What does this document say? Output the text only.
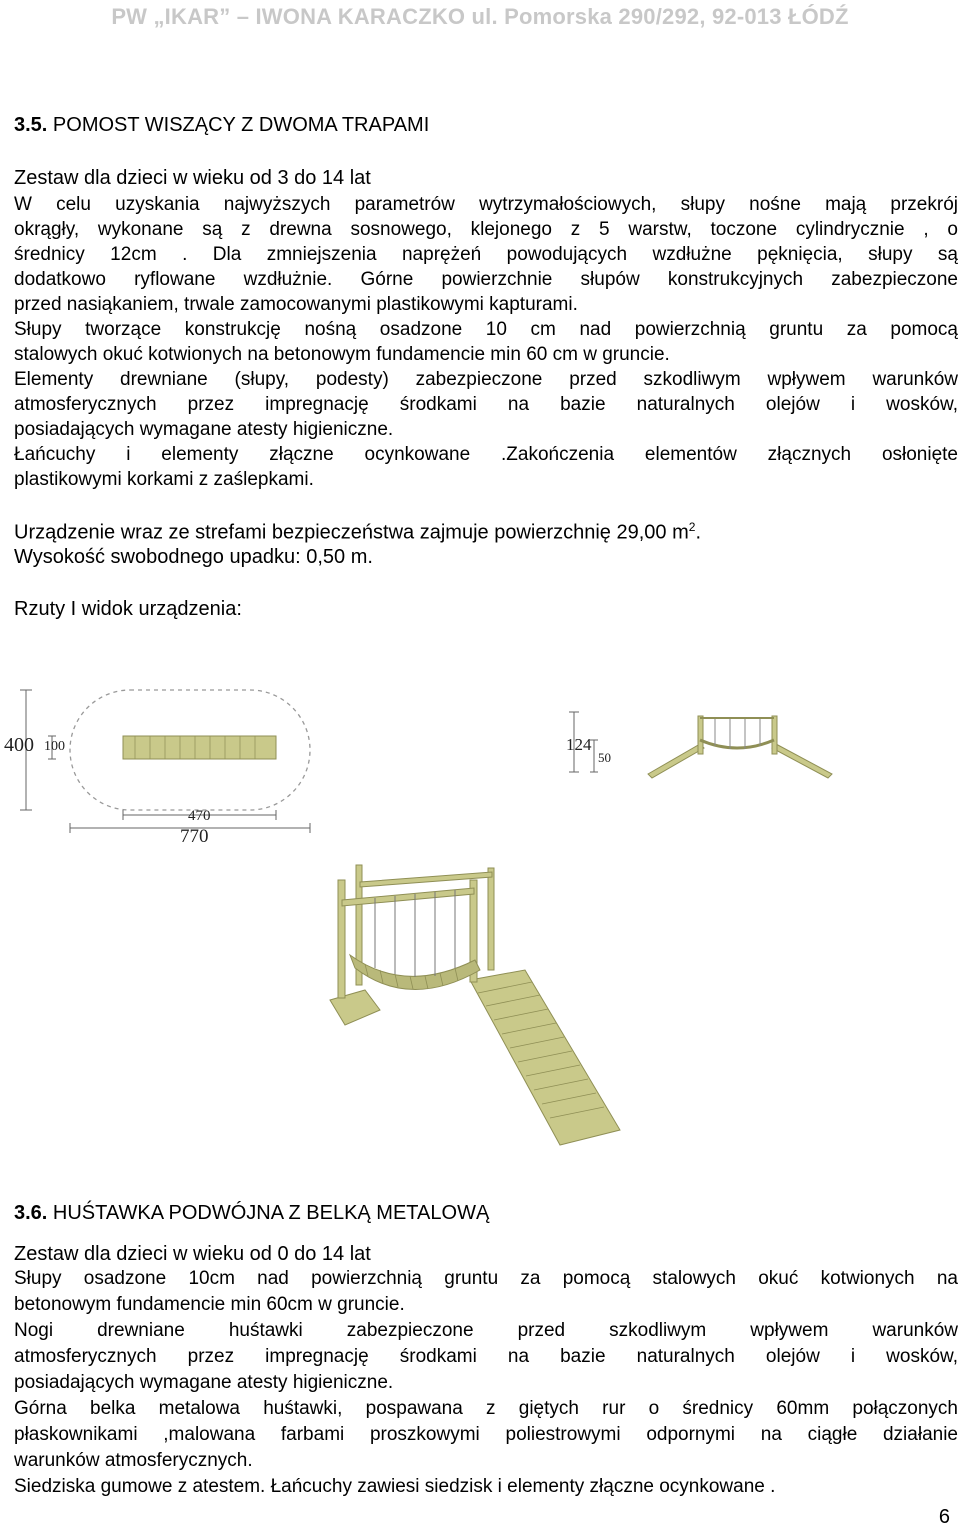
PW „IKAR” – IWONA KARACZKO ul. Pomorska 290/292, 92-013 ŁÓDŹ
3.5. POMOST WISZĄCY Z DWOMA TRAPAMI
Zestaw dla dzieci w wieku od 3 do 14 lat
W celu uzyskania najwyższych parametrów wytrzymałościowych, słupy nośne mają przekrój
okrągły, wykonane są z drewna sosnowego, klejonego z 5 warstw, toczone cylindrycznie , o
średnicy 12cm . Dla zmniejszenia naprężeń powodujących wzdłużne pęknięcia, słupy są
dodatkowo ryflowane wzdłużnie. Górne powierzchnie słupów konstrukcyjnych zabezpieczone
przed nasiąkaniem, trwale zamocowanymi plastikowymi kapturami.
Słupy tworzące konstrukcję nośną osadzone 10 cm nad powierzchnią gruntu za pomocą
stalowych okuć kotwionych na betonowym fundamencie min 60 cm w gruncie.
Elementy drewniane (słupy, podesty) zabezpieczone przed szkodliwym wpływem warunków
atmosferycznych przez impregnację środkami na bazie naturalnych olejów i wosków,
posiadających wymagane atesty higieniczne.
Łańcuchy i elementy złączne ocynkowane .Zakończenia elementów złącznych osłonięte
plastikowymi korkami z zaślepkami.
Urządzenie wraz ze strefami bezpieczeństwa zajmuje powierzchnię 29,00 $m^2$.
Wysokość swobodnego upadku: 0,50 m.
Rzuty I widok urządzenia:
400 100
470
770
124
50
3.6. HUŚTAWKA PODWÓJNA Z BELKĄ METALOWĄ
Zestaw dla dzieci w wieku od 0 do 14 lat
Słupy osadzone 10cm nad powierzchnią gruntu za pomocą stalowych okuć kotwionych na
betonowym fundamencie min 60cm w gruncie.
Nogi drewniane huśtawki zabezpieczone przed szkodliwym wpływem warunków
atmosferycznych przez impregnację środkami na bazie naturalnych olejów i wosków,
posiadających wymagane atesty higieniczne.
Górna belka metalowa huśtawki, pospawana z giętych rur o średnicy 60mm połączonych
płaskownikami ,malowana farbami proszkowymi poliestrowymi odpornymi na ciągłe działanie
warunków atmosferycznych.
Siedziska gumowe z atestem. Łańcuchy zawiesi siedzisk i elementy złączne ocynkowane .
6
